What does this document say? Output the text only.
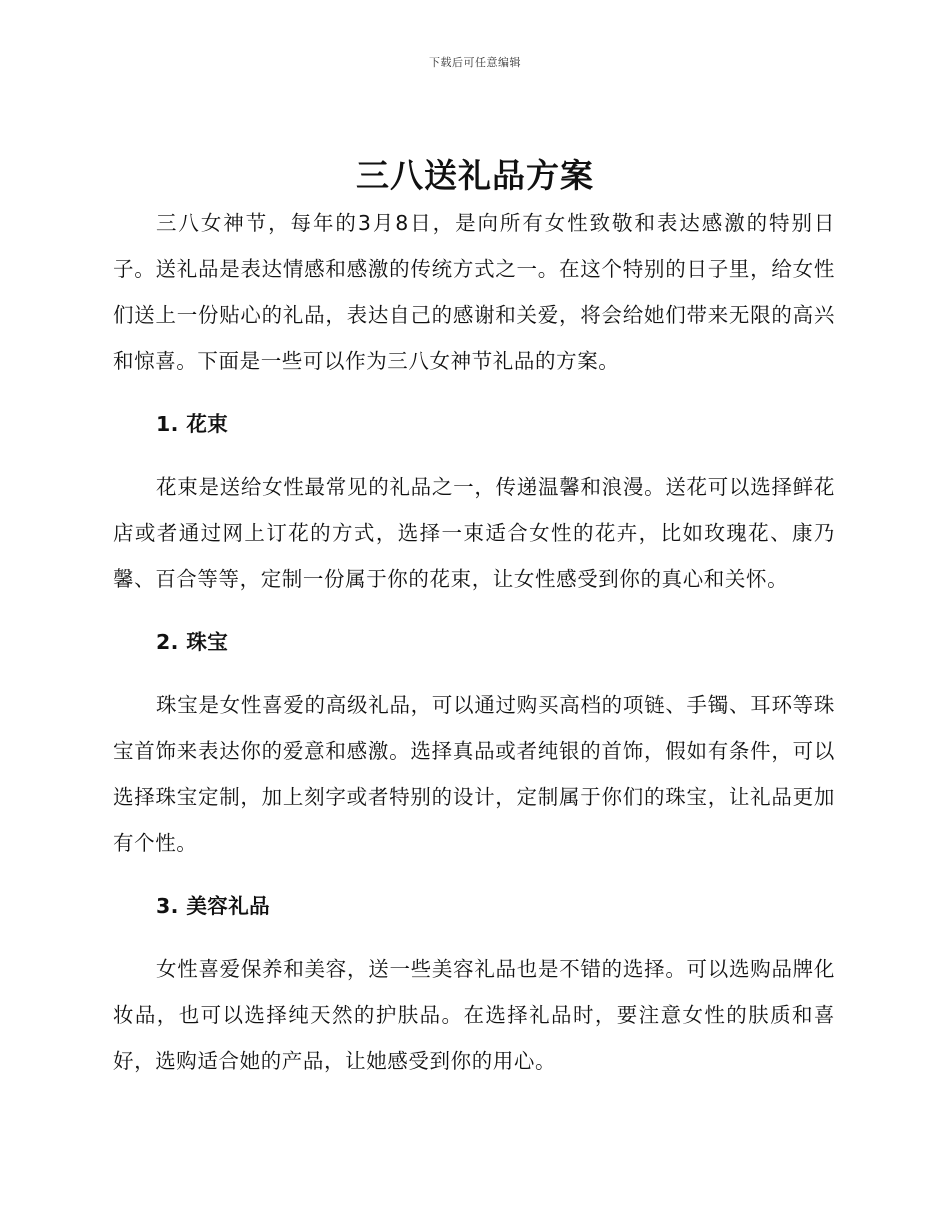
下载后可任意编辑
三八送礼品方案

三八女神节，每年的3月8日，是向所有女性致敬和表达感激的特别日子。送礼品是表达情感和感激的传统方式之一。在这个特别的日子里，给女性们送上一份贴心的礼品，表达自己的感谢和关爱，将会给她们带来无限的高兴和惊喜。下面是一些可以作为三八女神节礼品的方案。

1. 花束

花束是送给女性最常见的礼品之一，传递温馨和浪漫。送花可以选择鲜花店或者通过网上订花的方式，选择一束适合女性的花卉，比如玫瑰花、康乃馨、百合等等，定制一份属于你的花束，让女性感受到你的真心和关怀。

2. 珠宝

珠宝是女性喜爱的高级礼品，可以通过购买高档的项链、手镯、耳环等珠宝首饰来表达你的爱意和感激。选择真品或者纯银的首饰，假如有条件，可以选择珠宝定制，加上刻字或者特别的设计，定制属于你们的珠宝，让礼品更加有个性。

3. 美容礼品

女性喜爱保养和美容，送一些美容礼品也是不错的选择。可以选购品牌化妆品，也可以选择纯天然的护肤品。在选择礼品时，要注意女性的肤质和喜好，选购适合她的产品，让她感受到你的用心。
